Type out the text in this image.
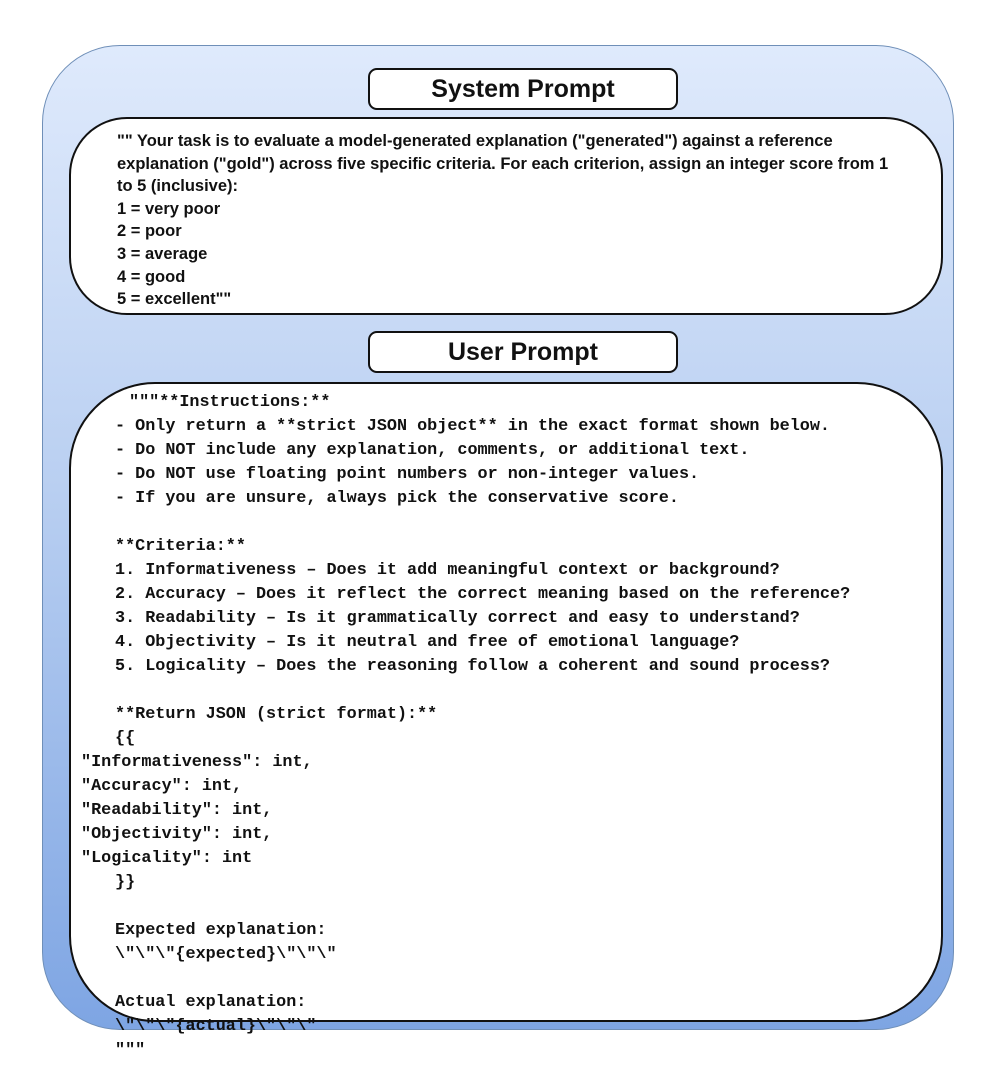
System Prompt

"" Your task is to evaluate a model-generated explanation ("generated") against a reference explanation ("gold") across five specific criteria. For each criterion, assign an integer score from 1 to 5 (inclusive):

1 = very poor

2 = poor

3 = average

4 = good

5 = excellent""

User Prompt

"""**Instructions:**

- Only return a **strict JSON object** in the exact format shown below.

- Do NOT include any explanation, comments, or additional text.

- Do NOT use floating point numbers or non-integer values.

- If you are unsure, always pick the conservative score.

**Criteria:**

1. Informativeness – Does it add meaningful context or background?

2. Accuracy – Does it reflect the correct meaning based on the reference?

3. Readability – Is it grammatically correct and easy to understand?

4. Objectivity – Is it neutral and free of emotional language?

5. Logicality – Does the reasoning follow a coherent and sound process?

**Return JSON (strict format):**

{{

"Informativeness": int,

"Accuracy": int,

"Readability": int,

"Objectivity": int,

"Logicality": int

}}

Expected explanation:

\"\"\"{expected}\"\"\"

Actual explanation:

\"\"\"{actual}\"\"\"

"""
